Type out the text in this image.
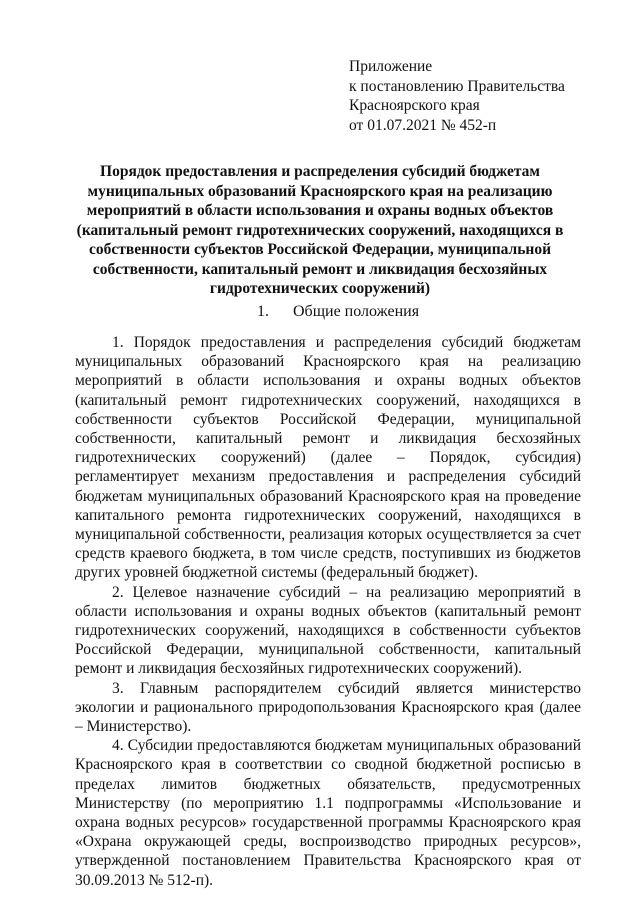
Приложение
к постановлению Правительства
Красноярского края
от 01.07.2021 № 452-п
Порядок предоставления и распределения субсидий бюджетам муниципальных образований Красноярского края на реализацию мероприятий в области использования и охраны водных объектов (капитальный ремонт гидротехнических сооружений, находящихся в собственности субъектов Российской Федерации, муниципальной собственности, капитальный ремонт и ликвидация бесхозяйных гидротехнических сооружений)
1. Общие положения

1. Порядок предоставления и распределения субсидий бюджетам муниципальных образований Красноярского края на реализацию мероприятий в области использования и охраны водных объектов (капитальный ремонт гидротехнических сооружений, находящихся в собственности субъектов Российской Федерации, муниципальной собственности, капитальный ремонт и ликвидация бесхозяйных гидротехнических сооружений) (далее – Порядок, субсидия) регламентирует механизм предоставления и распределения субсидий бюджетам муниципальных образований Красноярского края на проведение капитального ремонта гидротехнических сооружений, находящихся в муниципальной собственности, реализация которых осуществляется за счет средств краевого бюджета, в том числе средств, поступивших из бюджетов других уровней бюджетной системы (федеральный бюджет).

2. Целевое назначение субсидий – на реализацию мероприятий в области использования и охраны водных объектов (капитальный ремонт гидротехнических сооружений, находящихся в собственности субъектов Российской Федерации, муниципальной собственности, капитальный ремонт и ликвидация бесхозяйных гидротехнических сооружений).

3. Главным распорядителем субсидий является министерство экологии и рационального природопользования Красноярского края (далее – Министерство).

4. Субсидии предоставляются бюджетам муниципальных образований Красноярского края в соответствии со сводной бюджетной росписью в пределах лимитов бюджетных обязательств, предусмотренных Министерству (по мероприятию 1.1 подпрограммы «Использование и охрана водных ресурсов» государственной программы Красноярского края «Охрана окружающей среды, воспроизводство природных ресурсов», утвержденной постановлением Правительства Красноярского края от 30.09.2013 № 512-п).
